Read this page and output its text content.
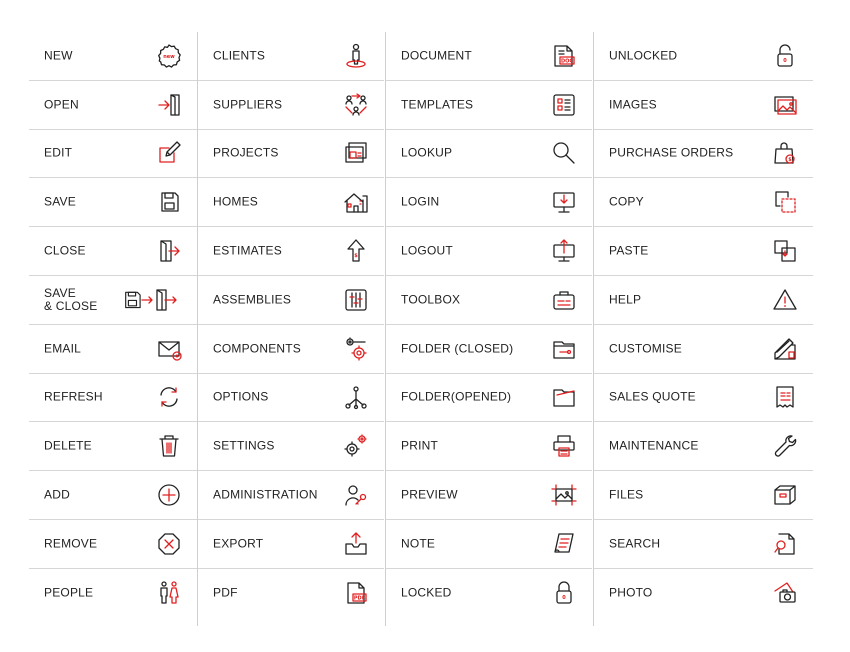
NEW	new
OPEN
EDIT
SAVE
CLOSE
SAVE
& CLOSE
EMAIL
REFRESH
DELETE
ADD
REMOVE
PEOPLE
CLIENTS
SUPPLIERS
PROJECTS
HOMES
ESTIMATES	$
ASSEMBLIES
COMPONENTS
OPTIONS
SETTINGS
ADMINISTRATION
EXPORT
PDF	PDF
DOCUMENT	DOC
TEMPLATES
LOOKUP
LOGIN
LOGOUT
TOOLBOX
FOLDER (CLOSED)
FOLDER(OPENED)
PRINT
PREVIEW
NOTE
LOCKED	0
UNLOCKED	0
IMAGES
PURCHASE ORDERS
$
COPY
PASTE
HELP
CUSTOMISE
SALES QUOTE
MAINTENANCE
FILES
SEARCH
PHOTO
